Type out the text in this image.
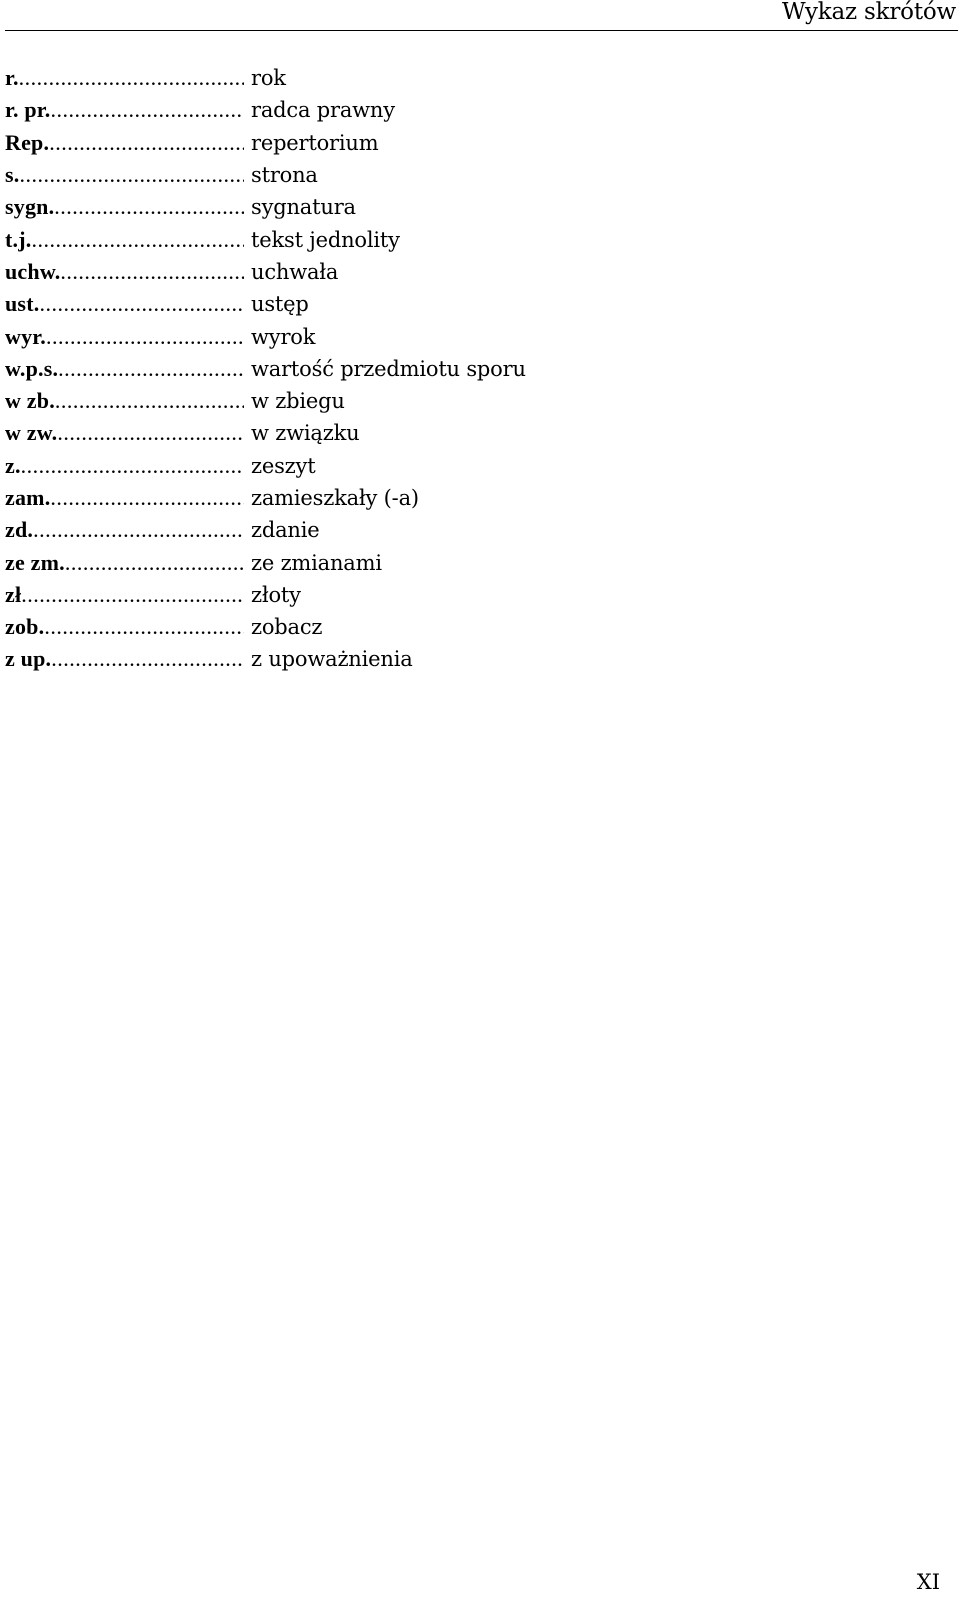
Wykaz skrótów
r. .....	rok
r. pr. .....	radca prawny
Rep. .....	repertorium
s. .....	strona
sygn. .....	sygnatura
t.j. .....	tekst jednolity
uchw. .....	uchwała
ust. .....	ustęp
wyr. .....	wyrok
w.p.s. .....	wartość przedmiotu sporu
w zb. .....	w zbiegu
w zw. .....	w związku
z. .....	zeszyt
zam. .....	zamieszkały (-a)
zd. .....	zdanie
ze zm. .....	ze zmianami
zł .....	złoty
zob. .....	zobacz
z up. .....	z upoważnienia
XI
